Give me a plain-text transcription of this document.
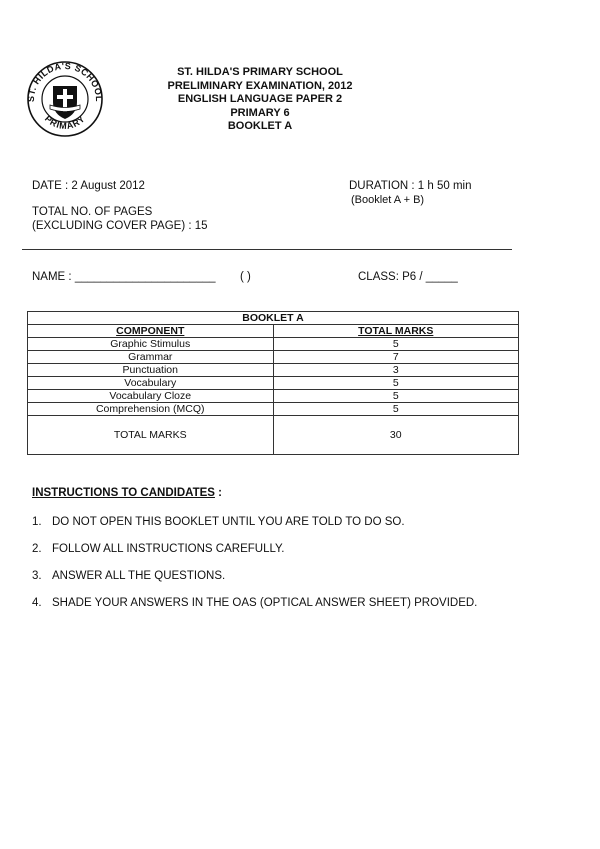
ST. HILDA'S SCHOOL
PRIMARY
ST. HILDA'S PRIMARY SCHOOL
PRELIMINARY EXAMINATION, 2012
ENGLISH LANGUAGE PAPER 2
PRIMARY 6
BOOKLET A
DATE : 2 August 2012	DURATION : 1 h 50 min
(Booklet A + B)
TOTAL NO. OF PAGES
(EXCLUDING COVER PAGE) : 15
NAME : ______________________ ( )	CLASS: P6 / _____
BOOKLET A	
COMPONENT	TOTAL MARKS
Graphic Stimulus	5
Grammar	7
Punctuation	3
Vocabulary	5
Vocabulary Cloze	5
Comprehension (MCQ)	5
TOTAL MARKS	30
INSTRUCTIONS TO CANDIDATES :
1. DO NOT OPEN THIS BOOKLET UNTIL YOU ARE TOLD TO DO SO.
2. FOLLOW ALL INSTRUCTIONS CAREFULLY.
3. ANSWER ALL THE QUESTIONS.
4. SHADE YOUR ANSWERS IN THE OAS (OPTICAL ANSWER SHEET) PROVIDED.
